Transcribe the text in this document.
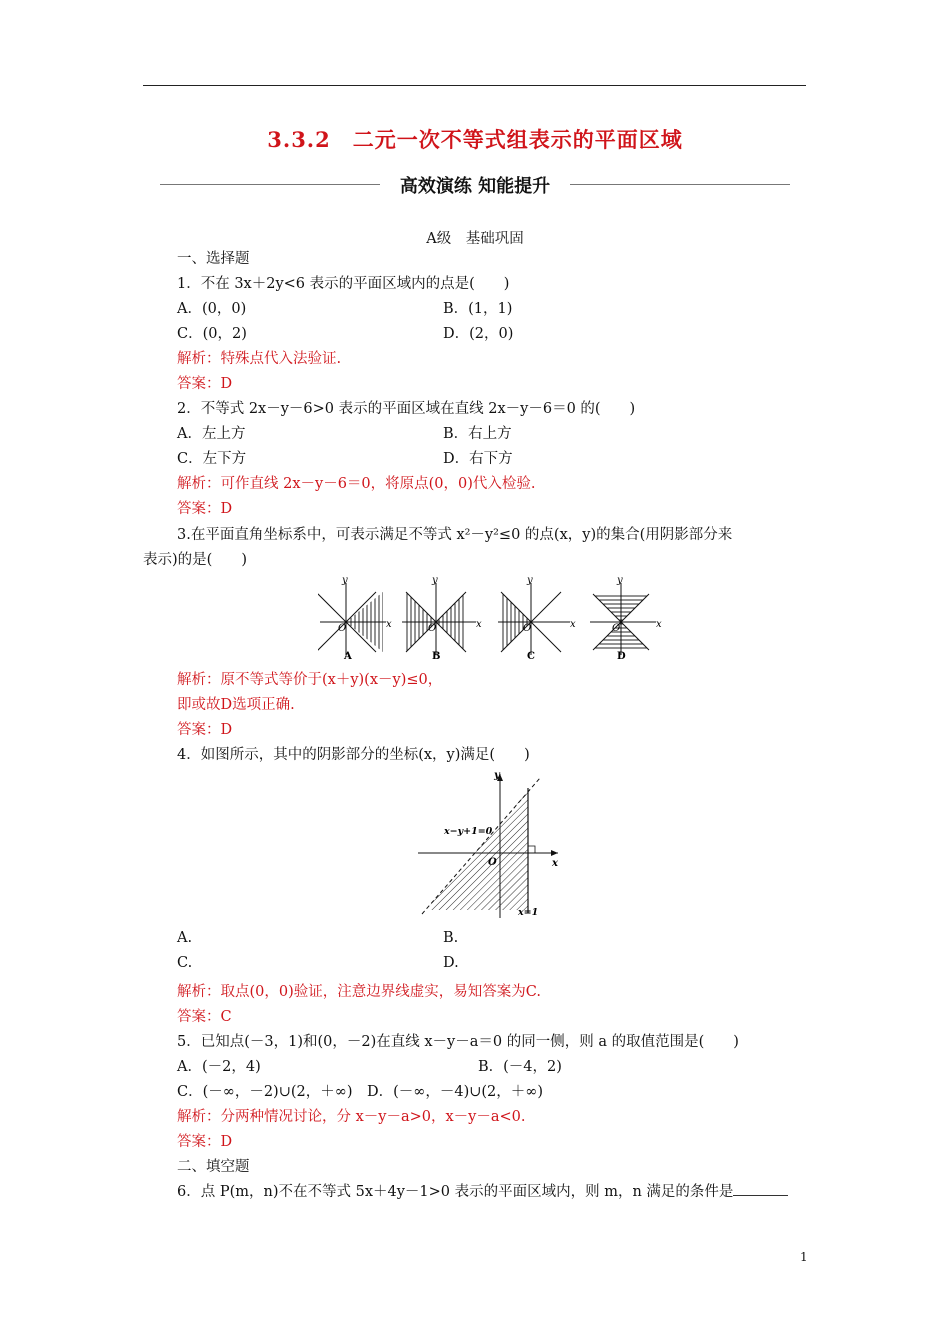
3.3.2　二元一次不等式组表示的平面区域
高效演练 知能提升
A级　基础巩固
一、选择题
1．不在 3x＋2y<6 表示的平面区域内的点是(　　)
A．(0，0)	B．(1，1)
C．(0，2)	D．(2，0)
解析：特殊点代入法验证.
答案：D
2．不等式 2x－y－6>0 表示的平面区域在直线 2x－y－6＝0 的(　　)
A．左上方	B．右上方
C．左下方	D．右下方
解析：可作直线 2x－y－6＝0，将原点(0，0)代入检验.
答案：D
3.在平面直角坐标系中，可表示满足不等式 x²－y²≤0 的点(x，y)的集合(用阴影部分来
表示)的是(　　)
y
x
O
A
y
x
O
B
y
x
O
C
y
x
O
D
解析：原不等式等价于(x＋y)(x－y)≤0，
即或故D选项正确.
答案：D
4．如图所示，其中的阴影部分的坐标(x，y)满足(　　)
y
x
O
x−y+1=0
x=1
A.	B.
C.	D.
解析：取点(0，0)验证，注意边界线虚实，易知答案为C.
答案：C
5．已知点(－3，1)和(0，－2)在直线 x－y－a＝0 的同一侧，则 a 的取值范围是(　　)
A．(－2，4)	B．(－4，2)
C．(－∞，－2)∪(2，＋∞)　D．(－∞，－4)∪(2，＋∞)
解析：分两种情况讨论，分 x－y－a>0，x－y－a<0.
答案：D
二、填空题
6．点 P(m，n)不在不等式 5x＋4y－1>0 表示的平面区域内，则 m，n 满足的条件是
1
